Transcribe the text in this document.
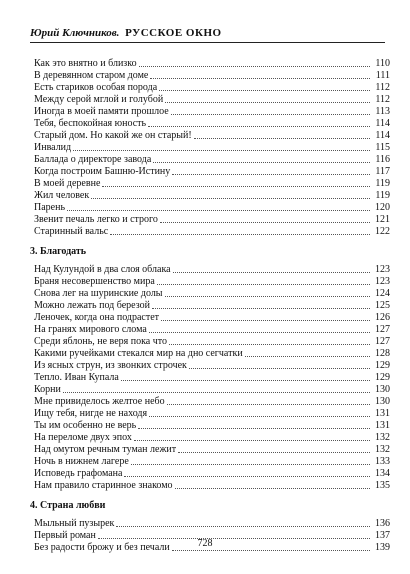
Юрий Ключников. РУССКОЕ ОКНО
Как это внятно и близко	110
В деревянном старом доме	111
Есть стариков особая порода	112
Между серой мглой и голубой	112
Иногда в моей памяти прошлое	113
Тебя, беспокойная юность	114
Старый дом. Но какой же он старый!	114
Инвалид	115
Баллада о директоре завода	116
Когда построим Башню-Истину	117
В моей деревне	119
Жил человек	119
Парень	120
Звенит печаль легко и строго	121
Старинный вальс	122
3. Благодать
Над Кулундой в два слоя облака	123
Браня несовершенство мира	123
Снова лег на шуринские долы	124
Можно лежать под березой	125
Леночек, когда она подрастет	126
На гранях мирового слома	127
Среди яблонь, не веря пока что	127
Какими ручейками стекался мир на дно сегчатки	128
Из ясных струн, из звонких строчек	129
Тепло. Иван Купала	129
Корни	130
Мне привиделось желтое небо	130
Ищу тебя, нигде не находя	131
Ты им особенно не верь	131
На переломе двух эпох	132
Над омутом речным туман лежит	132
Ночь в нижнем лагере	133
Исповедь графомана	134
Нам правило старинное знакомо	135
4. Страна любви
Мыльный пузырек	136
Первый роман	137
Без радости брожу и без печали	139
728
